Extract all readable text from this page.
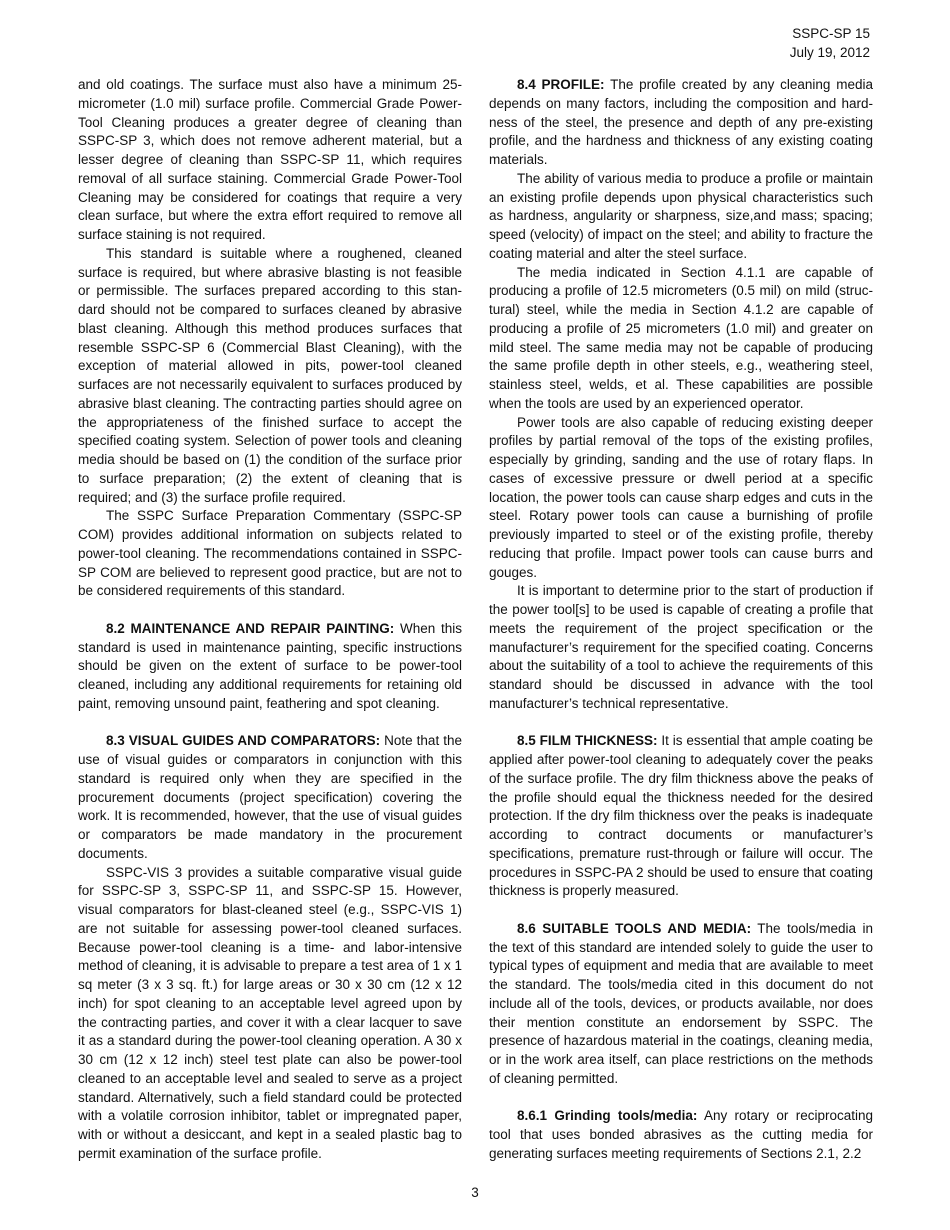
SSPC-SP 15
July 19, 2012

and old coatings. The surface must also have a minimum 25-micrometer (1.0 mil) surface profile. Commercial Grade Power-Tool Cleaning produces a greater degree of cleaning than SSPC-SP 3, which does not remove adherent material, but a lesser degree of cleaning than SSPC-SP 11, which requires removal of all surface staining. Commercial Grade Power-Tool Cleaning may be considered for coatings that require a very clean surface, but where the extra effort required to remove all surface staining is not required.

This standard is suitable where a roughened, cleaned surface is required, but where abrasive blasting is not feasible or permissible. The surfaces prepared according to this standard should not be compared to surfaces cleaned by abrasive blast cleaning. Although this method produces surfaces that resemble SSPC-SP 6 (Commercial Blast Cleaning), with the exception of material allowed in pits, power-tool cleaned surfaces are not necessarily equivalent to surfaces produced by abrasive blast cleaning. The contracting parties should agree on the appropriateness of the finished surface to accept the specified coating system. Selection of power tools and cleaning media should be based on (1) the condition of the surface prior to surface preparation; (2) the extent of cleaning that is required; and (3) the surface profile required.

The SSPC Surface Preparation Commentary (SSPC-SP COM) provides additional information on subjects related to power-tool cleaning. The recommendations contained in SSPC-SP COM are believed to represent good practice, but are not to be considered requirements of this standard.

8.2 MAINTENANCE AND REPAIR PAINTING: When this standard is used in maintenance painting, specific instructions should be given on the extent of surface to be power-tool cleaned, including any additional requirements for retaining old paint, removing unsound paint, feathering and spot cleaning.

8.3 VISUAL GUIDES AND COMPARATORS: Note that the use of visual guides or comparators in conjunction with this standard is required only when they are specified in the procurement documents (project specification) covering the work. It is recommended, however, that the use of visual guides or comparators be made mandatory in the procurement documents.

SSPC-VIS 3 provides a suitable comparative visual guide for SSPC-SP 3, SSPC-SP 11, and SSPC-SP 15. However, visual comparators for blast-cleaned steel (e.g., SSPC-VIS 1) are not suitable for assessing power-tool cleaned surfaces. Because power-tool cleaning is a time- and labor-intensive method of cleaning, it is advisable to prepare a test area of 1 x 1 sq meter (3 x 3 sq. ft.) for large areas or 30 x 30 cm (12 x 12 inch) for spot cleaning to an acceptable level agreed upon by the contracting parties, and cover it with a clear lacquer to save it as a standard during the power-tool cleaning operation. A 30 x 30 cm (12 x 12 inch) steel test plate can also be power-tool cleaned to an acceptable level and sealed to serve as a project standard. Alternatively, such a field standard could be protected with a volatile corrosion inhibitor, tablet or impregnated paper, with or without a desiccant, and kept in a sealed plastic bag to permit examination of the surface profile.

8.4 PROFILE: The profile created by any cleaning media depends on many factors, including the composition and hardness of the steel, the presence and depth of any pre-existing profile, and the hardness and thickness of any existing coating materials.

The ability of various media to produce a profile or maintain an existing profile depends upon physical characteristics such as hardness, angularity or sharpness, size,and mass; spacing; speed (velocity) of impact on the steel; and ability to fracture the coating material and alter the steel surface.

The media indicated in Section 4.1.1 are capable of producing a profile of 12.5 micrometers (0.5 mil) on mild (structural) steel, while the media in Section 4.1.2 are capable of producing a profile of 25 micrometers (1.0 mil) and greater on mild steel. The same media may not be capable of producing the same profile depth in other steels, e.g., weathering steel, stainless steel, welds, et al. These capabilities are possible when the tools are used by an experienced operator.

Power tools are also capable of reducing existing deeper profiles by partial removal of the tops of the existing profiles, especially by grinding, sanding and the use of rotary flaps. In cases of excessive pressure or dwell period at a specific location, the power tools can cause sharp edges and cuts in the steel. Rotary power tools can cause a burnishing of profile previously imparted to steel or of the existing profile, thereby reducing that profile. Impact power tools can cause burrs and gouges.

It is important to determine prior to the start of production if the power tool[s] to be used is capable of creating a profile that meets the requirement of the project specification or the manufacturer’s requirement for the specified coating. Concerns about the suitability of a tool to achieve the requirements of this standard should be discussed in advance with the tool manufacturer’s technical representative.

8.5 FILM THICKNESS: It is essential that ample coating be applied after power-tool cleaning to adequately cover the peaks of the surface profile. The dry film thickness above the peaks of the profile should equal the thickness needed for the desired protection. If the dry film thickness over the peaks is inadequate according to contract documents or manufacturer’s specifications, premature rust-through or failure will occur. The procedures in SSPC-PA 2 should be used to ensure that coating thickness is properly measured.

8.6 SUITABLE TOOLS AND MEDIA: The tools/media in the text of this standard are intended solely to guide the user to typical types of equipment and media that are available to meet the standard. The tools/media cited in this document do not include all of the tools, devices, or products available, nor does their mention constitute an endorsement by SSPC. The presence of hazardous material in the coatings, cleaning media, or in the work area itself, can place restrictions on the methods of cleaning permitted.

8.6.1 Grinding tools/media: Any rotary or reciprocating tool that uses bonded abrasives as the cutting media for generating surfaces meeting requirements of Sections 2.1, 2.2

3
